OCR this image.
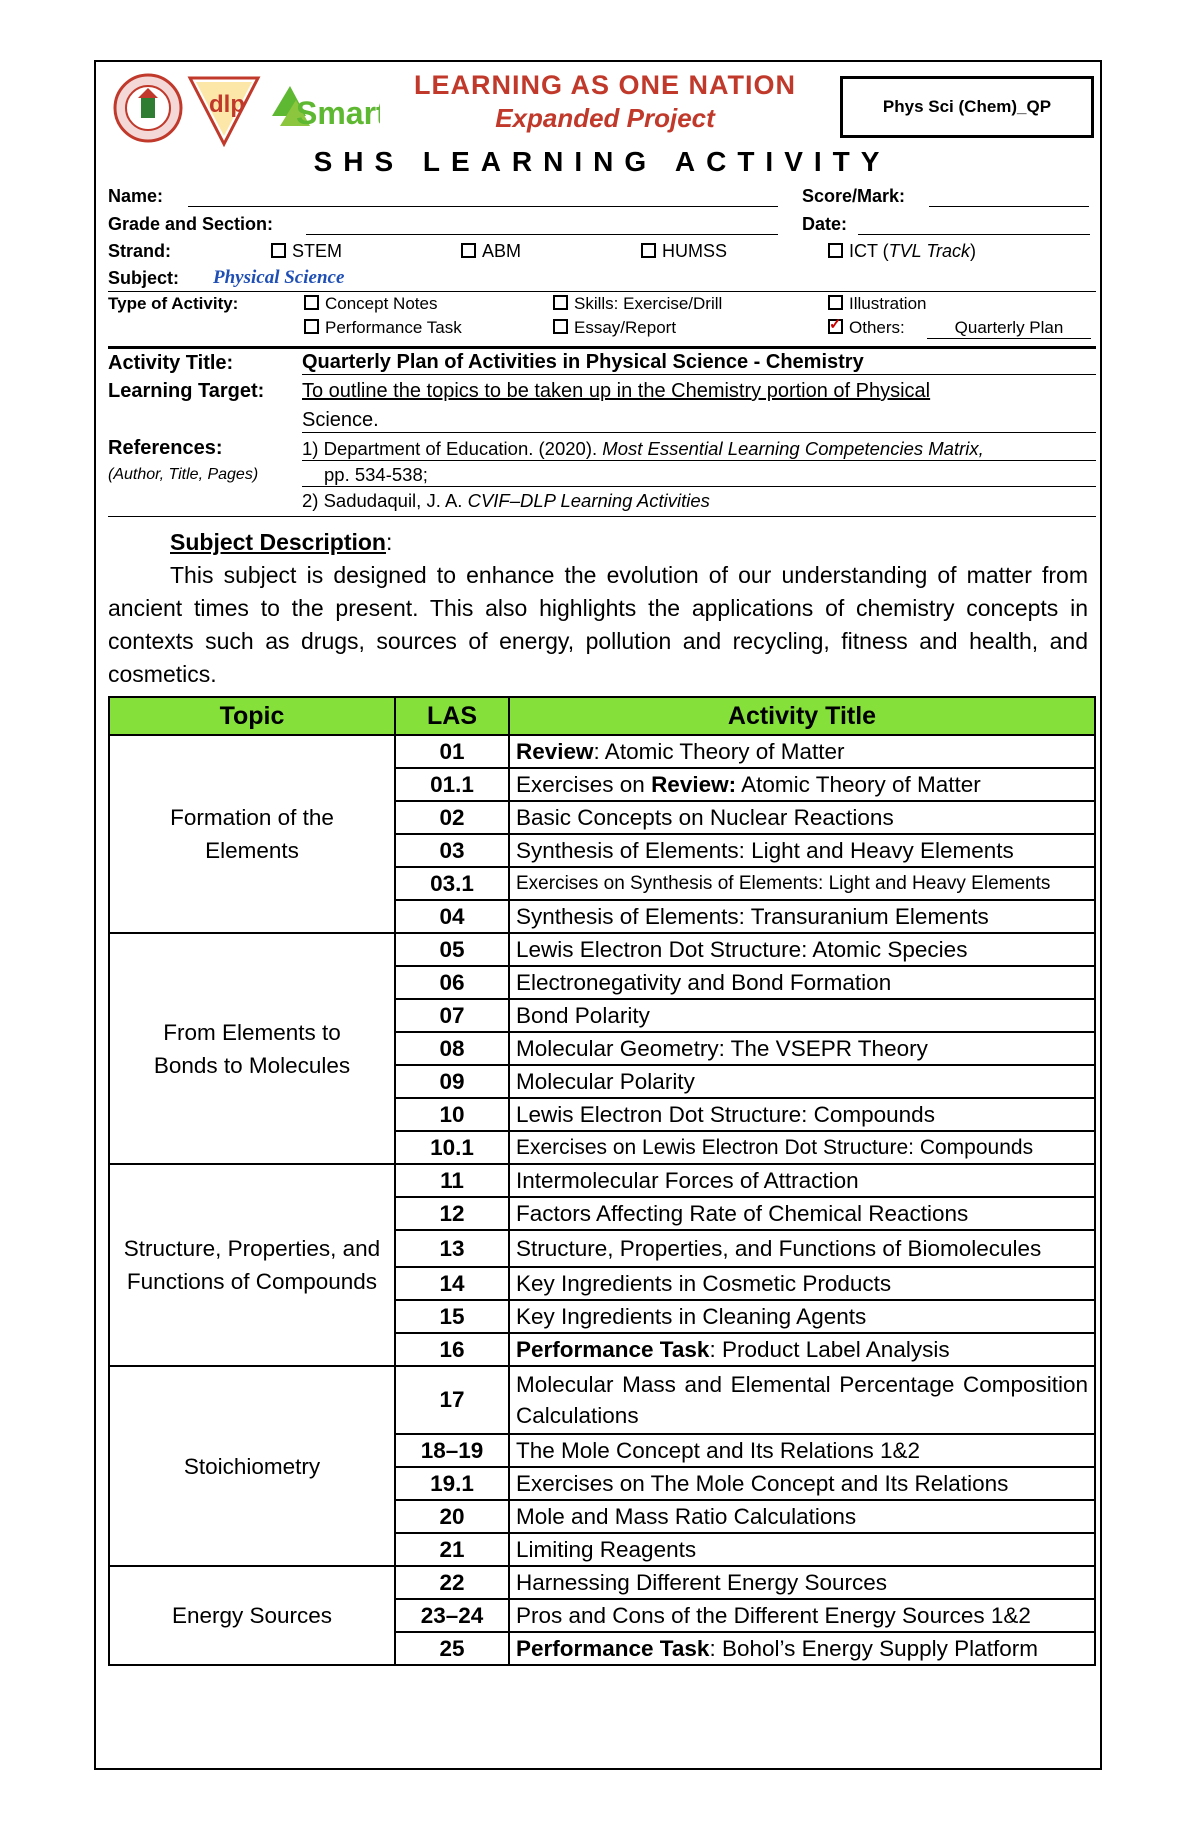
dlp Smart
LEARNING AS ONE NATION
Expanded Project	Phys Sci (Chem)_QP
SHS LEARNING ACTIVITY
Name:	Score/Mark:
Grade and Section:	Date:
Strand:	STEM	ABM	HUMSS	ICT (TVL Track)
Subject:	Physical Science
Type of Activity:	Concept Notes	Skills: Exercise/Drill	Illustration
Performance Task	Essay/Report ✓	Others:	Quarterly Plan
Activity Title:	Quarterly Plan of Activities in Physical Science - Chemistry
Learning Target: To outline the topics to be taken up in the Chemistry portion of Physical
Science.
References:
(Author, Title, Pages)
1) Department of Education. (2020). Most Essential Learning Competencies Matrix,
pp. 534-538;
2) Sadudaquil, J. A. CVIF–DLP Learning Activities
Subject Description:

This subject is designed to enhance the evolution of our understanding of matter from ancient times to the present. This also highlights the applications of chemistry concepts in contexts such as drugs, sources of energy, pollution and recycling, fitness and health, and cosmetics.

Topic	LAS	Activity Title
Formation of the Elements	01	Review: Atomic Theory of Matter
	01.1	Exercises on Review: Atomic Theory of Matter
	02	Basic Concepts on Nuclear Reactions
	03	Synthesis of Elements: Light and Heavy Elements
	03.1	Exercises on Synthesis of Elements: Light and Heavy Elements
	04	Synthesis of Elements: Transuranium Elements
From Elements to Bonds to Molecules	05	Lewis Electron Dot Structure: Atomic Species
	06	Electronegativity and Bond Formation
	07	Bond Polarity
	08	Molecular Geometry: The VSEPR Theory
	09	Molecular Polarity
	10	Lewis Electron Dot Structure: Compounds
	10.1	Exercises on Lewis Electron Dot Structure: Compounds
Structure, Properties, and Functions of Compounds	11	Intermolecular Forces of Attraction
	12	Factors Affecting Rate of Chemical Reactions
	13	Structure, Properties, and Functions of Biomolecules
	14	Key Ingredients in Cosmetic Products
	15	Key Ingredients in Cleaning Agents
	16	Performance Task: Product Label Analysis
Stoichiometry	17	Molecular Mass and Elemental Percentage Composition Calculations
	18–19	The Mole Concept and Its Relations 1&2
	19.1	Exercises on The Mole Concept and Its Relations
	20	Mole and Mass Ratio Calculations
	21	Limiting Reagents
Energy Sources	22	Harnessing Different Energy Sources
	23–24	Pros and Cons of the Different Energy Sources 1&2
	25	Performance Task: Bohol’s Energy Supply Platform
